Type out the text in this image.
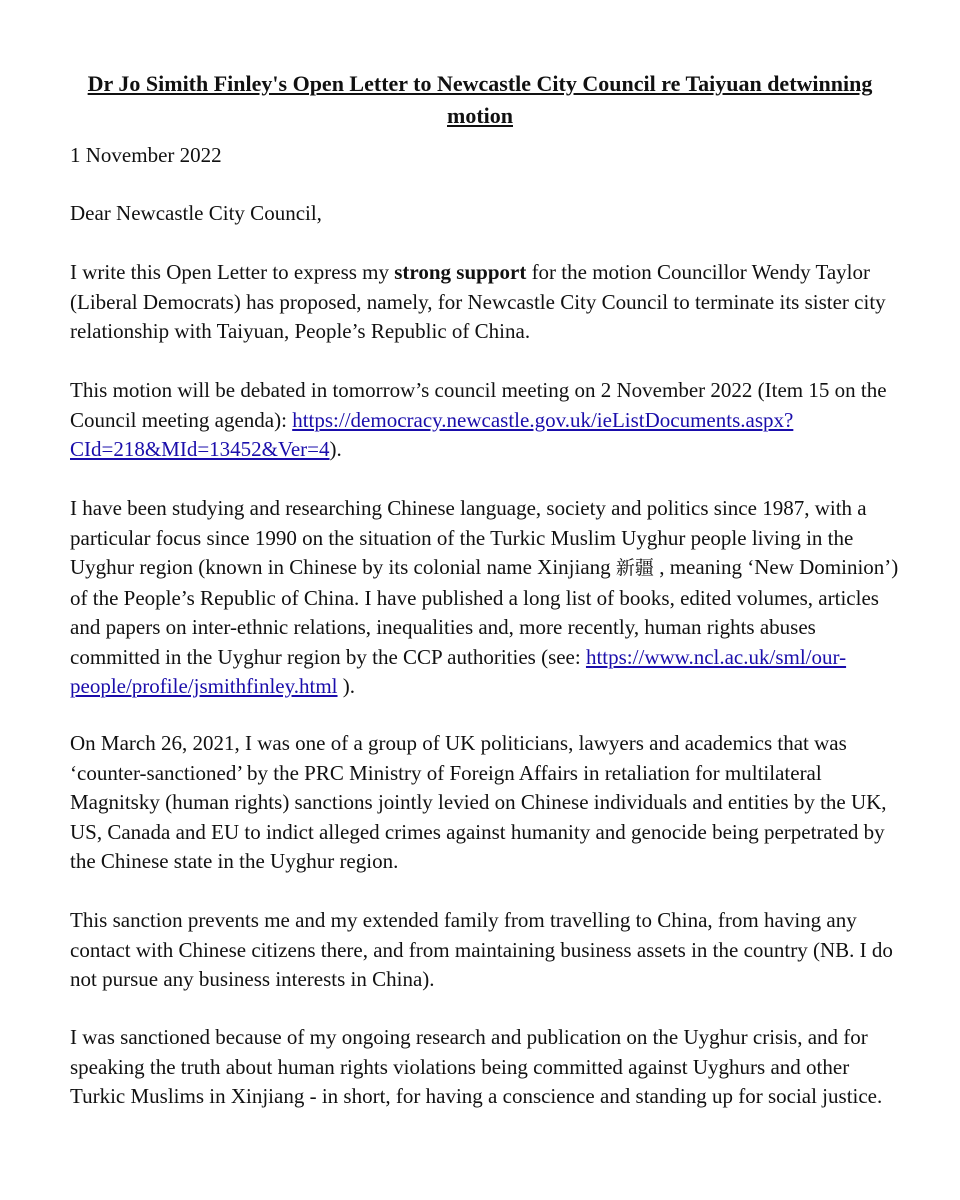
Dr Jo Simith Finley's Open Letter to Newcastle City Council re Taiyuan detwinning motion

1 November 2022

Dear Newcastle City Council,

I write this Open Letter to express my strong support for the motion Councillor Wendy Taylor (Liberal Democrats) has proposed, namely, for Newcastle City Council to terminate its sister city relationship with Taiyuan, People’s Republic of China.

This motion will be debated in tomorrow’s council meeting on 2 November 2022 (Item 15 on the Council meeting agenda): https://democracy.newcastle.gov.uk/ieListDocuments.aspx?CId=218&MId=13452&Ver=4).

I have been studying and researching Chinese language, society and politics since 1987, with a particular focus since 1990 on the situation of the Turkic Muslim Uyghur people living in the Uyghur region (known in Chinese by its colonial name Xinjiang 新疆 , meaning ‘New Dominion’) of the People’s Republic of China. I have published a long list of books, edited volumes, articles and papers on inter-ethnic relations, inequalities and, more recently, human rights abuses committed in the Uyghur region by the CCP authorities (see: https://www.ncl.ac.uk/sml/our-people/profile/jsmithfinley.html ).

On March 26, 2021, I was one of a group of UK politicians, lawyers and academics that was ‘counter-sanctioned’ by the PRC Ministry of Foreign Affairs in retaliation for multilateral Magnitsky (human rights) sanctions jointly levied on Chinese individuals and entities by the UK, US, Canada and EU to indict alleged crimes against humanity and genocide being perpetrated by the Chinese state in the Uyghur region.

This sanction prevents me and my extended family from travelling to China, from having any contact with Chinese citizens there, and from maintaining business assets in the country (NB. I do not pursue any business interests in China).

I was sanctioned because of my ongoing research and publication on the Uyghur crisis, and for speaking the truth about human rights violations being committed against Uyghurs and other Turkic Muslims in Xinjiang - in short, for having a conscience and standing up for social justice.
